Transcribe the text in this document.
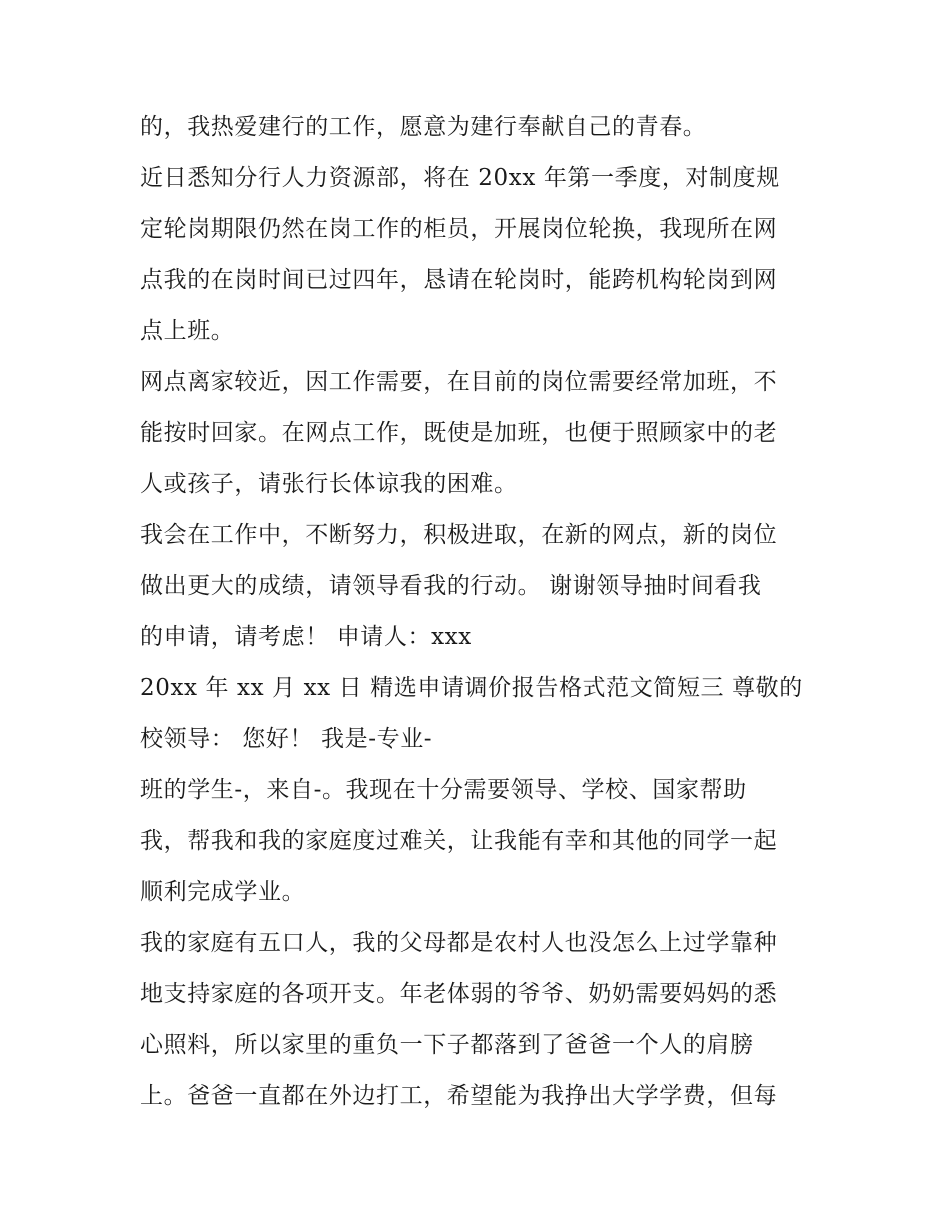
的，我热爱建行的工作，愿意为建行奉献自己的青春。
近日悉知分行人力资源部，将在 20xx 年第一季度，对制度规
定轮岗期限仍然在岗工作的柜员，开展岗位轮换，我现所在网
点我的在岗时间已过四年，恳请在轮岗时，能跨机构轮岗到网
点上班。
网点离家较近，因工作需要，在目前的岗位需要经常加班，不
能按时回家。在网点工作，既使是加班，也便于照顾家中的老
人或孩子，请张行长体谅我的困难。
我会在工作中，不断努力，积极进取，在新的网点，新的岗位
做出更大的成绩，请领导看我的行动。 谢谢领导抽时间看我
的申请，请考虑！ 申请人：xxx
20xx 年 xx 月 xx 日 精选申请调价报告格式范文简短三 尊敬的
校领导： 您好！ 我是-专业-
班的学生-，来自-。我现在十分需要领导、学校、国家帮助
我，帮我和我的家庭度过难关，让我能有幸和其他的同学一起
顺利完成学业。
我的家庭有五口人，我的父母都是农村人也没怎么上过学靠种
地支持家庭的各项开支。年老体弱的爷爷、奶奶需要妈妈的悉
心照料，所以家里的重负一下子都落到了爸爸一个人的肩膀
上。爸爸一直都在外边打工，希望能为我挣出大学学费，但每
